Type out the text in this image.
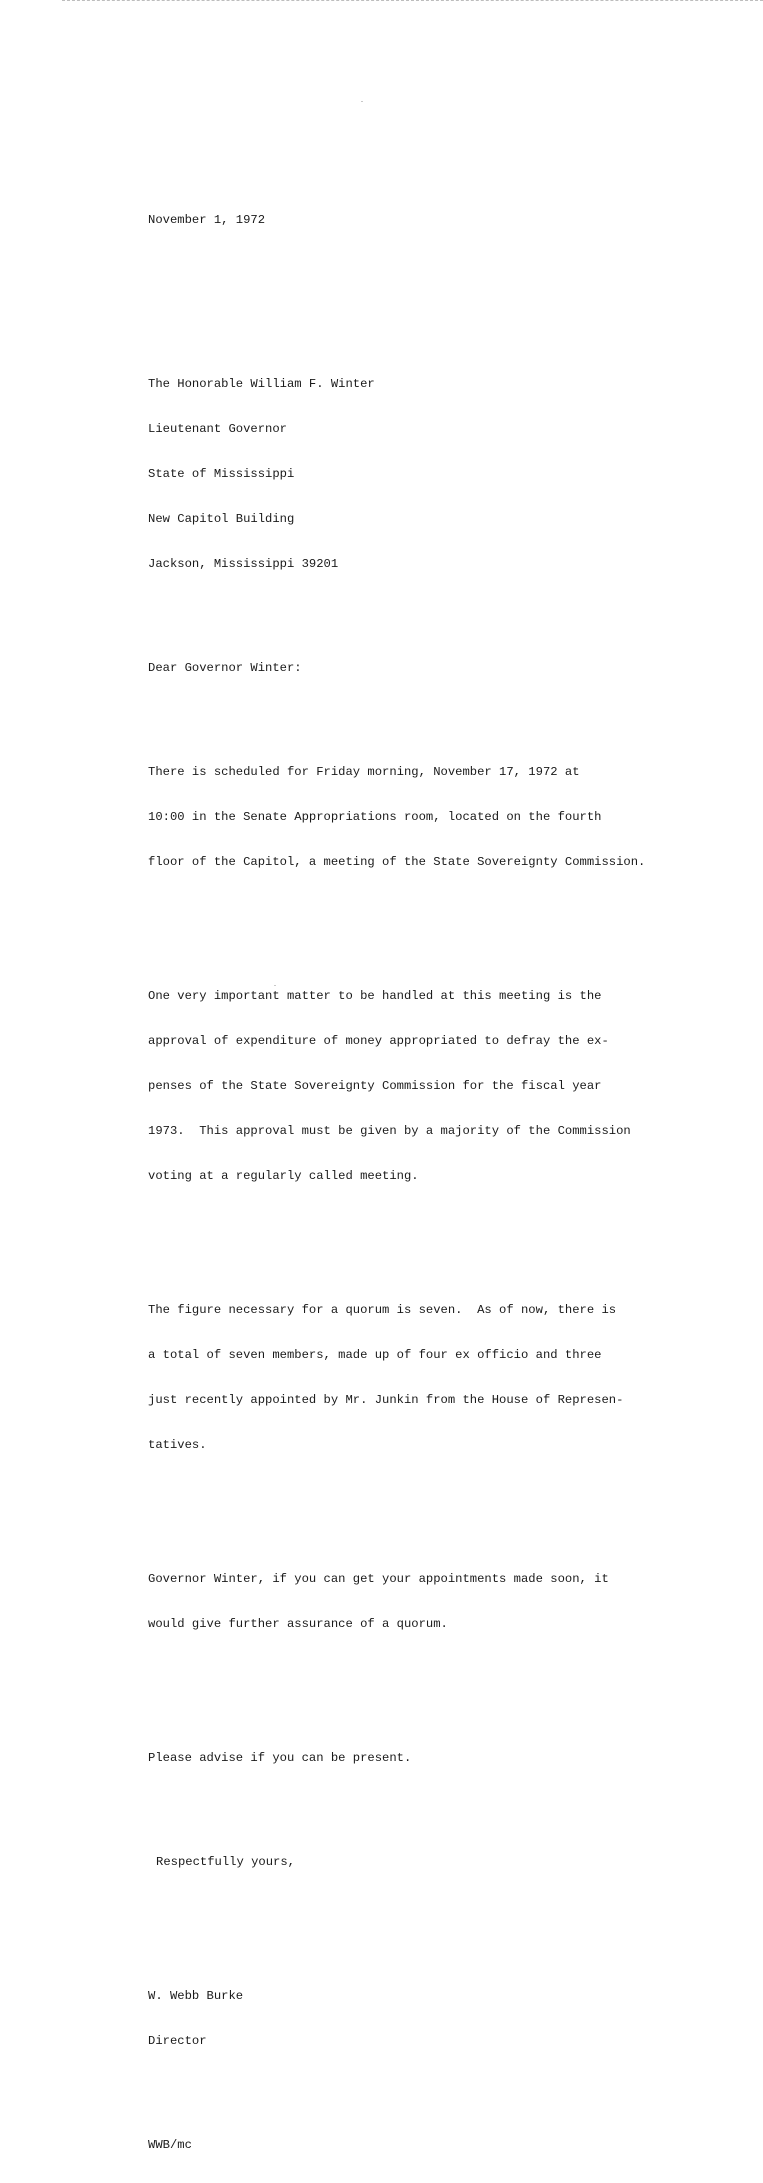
November 1, 1972

The Honorable William F. Winter

Lieutenant Governor

State of Mississippi

New Capitol Building

Jackson, Mississippi 39201

Dear Governor Winter:

There is scheduled for Friday morning, November 17, 1972 at

10:00 in the Senate Appropriations room, located on the fourth

floor of the Capitol, a meeting of the State Sovereignty Commission.

One very important matter to be handled at this meeting is the

approval of expenditure of money appropriated to defray the ex-

penses of the State Sovereignty Commission for the fiscal year

1973.  This approval must be given by a majority of the Commission

voting at a regularly called meeting.

The figure necessary for a quorum is seven.  As of now, there is

a total of seven members, made up of four ex officio and three

just recently appointed by Mr. Junkin from the House of Represen-

tatives.

Governor Winter, if you can get your appointments made soon, it

would give further assurance of a quorum.

Please advise if you can be present.

Respectfully yours,

W. Webb Burke

Director

WWB/mc
